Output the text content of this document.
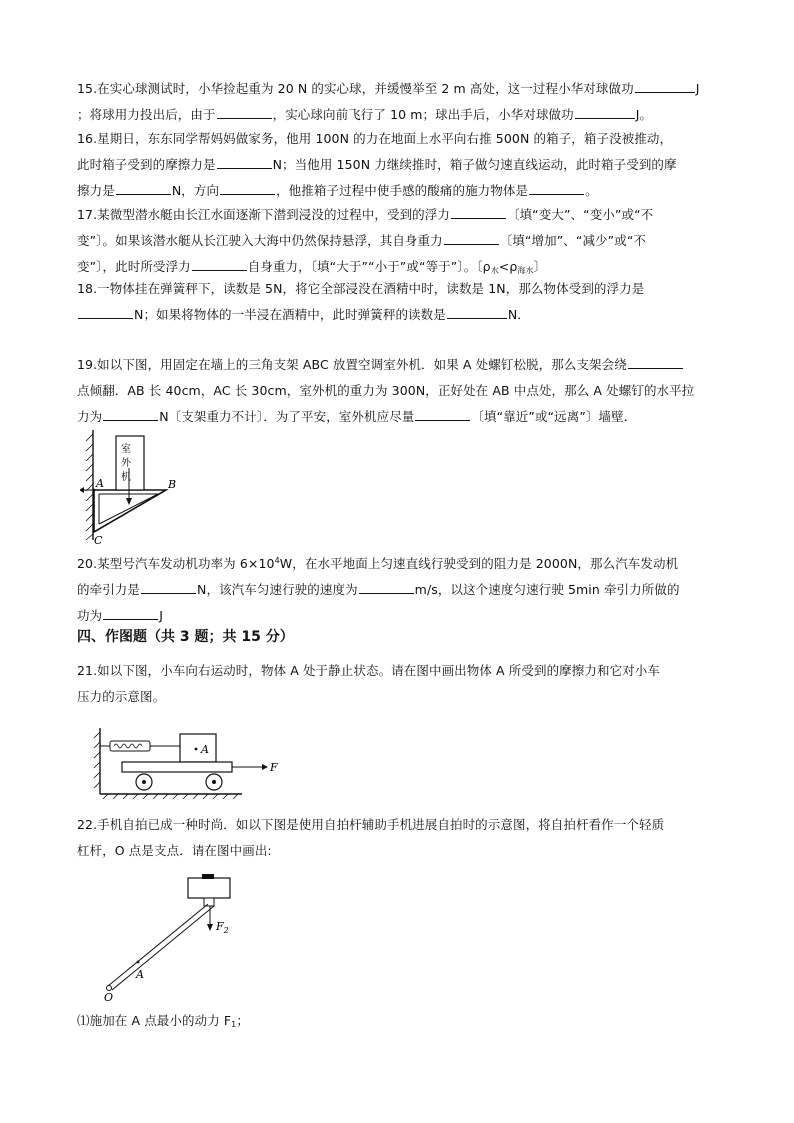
15.在实心球测试时，小华捡起重为 20 N 的实心球，并缓慢举至 2 m 高处，这一过程小华对球做功	J
；将球用力投出后，由于	，实心球向前飞行了 10 m；球出手后，小华对球做功	J。
16.星期日，东东同学帮妈妈做家务，他用 100N 的力在地面上水平向右推 500N 的箱子，箱子没被推动，
此时箱子受到的摩擦力是	N；当他用 150N 力继续推时，箱子做匀速直线运动，此时箱子受到的摩
擦力是	N，方向	，他推箱子过程中使手感的酸痛的施力物体是	。
17.某微型潜水艇由长江水面逐渐下潜到浸没的过程中，受到的浮力	〔填“变大”、“变小”或“不
变”〕。如果该潜水艇从长江驶入大海中仍然保持悬浮，其自身重力	〔填“增加”、“减少”或“不
变”〕，此时所受浮力	自身重力，〔填“大于”“小于”或“等于”〕。〔$\rho_水<\rho_{海水}$〕
18.一物体挂在弹簧秤下，读数是 5N，将它全部浸没在酒精中时，读数是 1N，那么物体受到的浮力是
N；如果将物体的一半浸在酒精中，此时弹簧秤的读数是	N．
19.如以下图，用固定在墙上的三角支架 ABC 放置空调室外机．如果 A 处螺钉松脱，那么支架会绕
点倾翻．AB 长 40cm，AC 长 30cm，室外机的重力为 300N，正好处在 AB 中点处，那么 A 处螺钉的水平拉
力为	N〔支架重力不计〕．为了平安，室外机应尽量	〔填“靠近”或“远离”〕墙壁．
室
外
机
A	B
C
20.某型号汽车发动机功率为 $6\times 10^4W$，在水平地面上匀速直线行驶受到的阻力是 2000N，那么汽车发动机
的牵引力是	N，该汽车匀速行驶的速度为	m/s，以这个速度匀速行驶 5min 牵引力所做的
功为	J
四、作图题（共 3 题；共 15 分）
21.如以下图，小车向右运动时，物体 A 处于静止状态。请在图中画出物体 A 所受到的摩擦力和它对小车
压力的示意图。
A
F
22.手机自拍已成一种时尚．如以下图是使用自拍杆辅助手机进展自拍时的示意图，将自拍杆看作一个轻质
杠杆，O 点是支点．请在图中画出:
$F_2$
A
O
⑴施加在 A 点最小的动力 $F_1$；
